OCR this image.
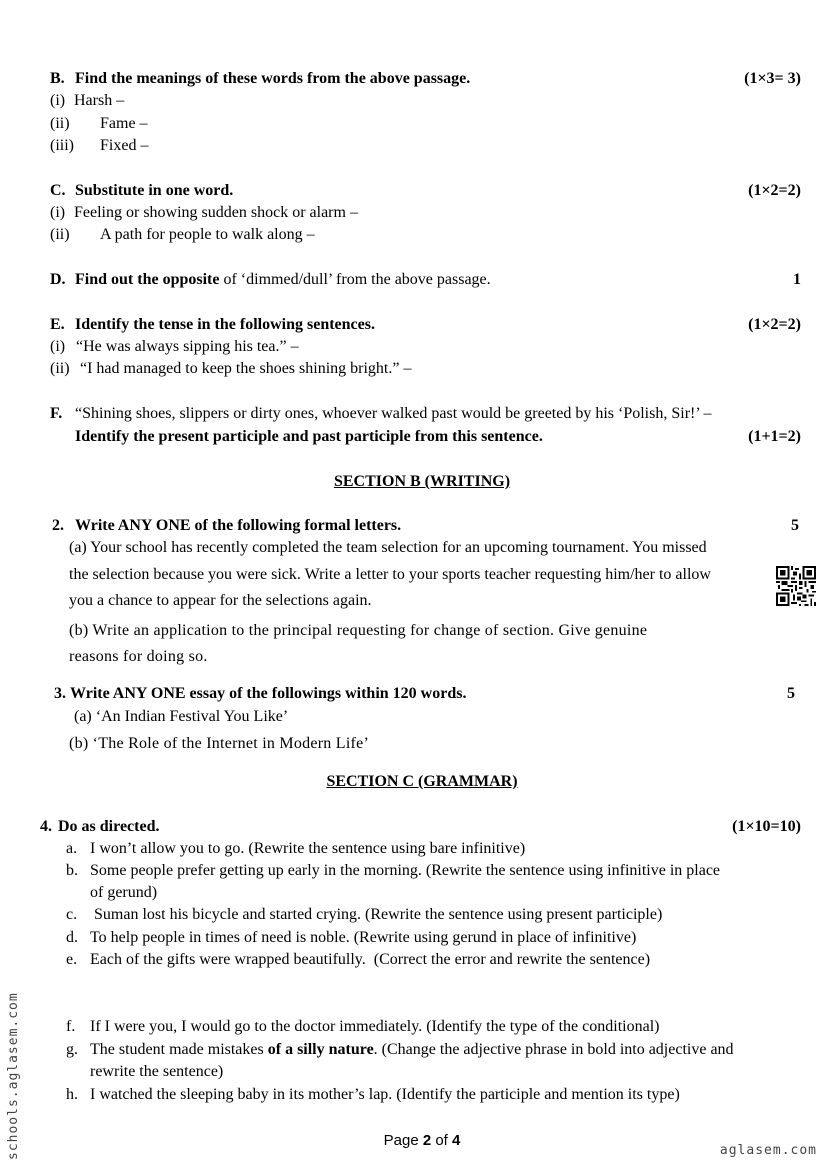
B. Find the meanings of these words from the above passage.	(1×3= 3)
(i) Harsh –
(ii) Fame –
(iii) Fixed –
C. Substitute in one word.	(1×2=2)
(i) Feeling or showing sudden shock or alarm –
(ii) A path for people to walk along –
D. Find out the opposite of ‘dimmed/dull’ from the above passage.	1
E. Identify the tense in the following sentences.	(1×2=2)
(i) “He was always sipping his tea.” –
(ii) “I had managed to keep the shoes shining bright.” –
F. “Shining shoes, slippers or dirty ones, whoever walked past would be greeted by his ‘Polish, Sir!’ –
Identify the present participle and past participle from this sentence.	(1+1=2)
SECTION B (WRITING)
2. Write ANY ONE of the following formal letters.	5
(a) Your school has recently completed the team selection for an upcoming tournament. You missed
the selection because you were sick. Write a letter to your sports teacher requesting him/her to allow
you a chance to appear for the selections again.
(b) Write an application to the principal requesting for change of section. Give genuine
reasons for doing so.
3. Write ANY ONE essay of the followings within 120 words.	5
(a) ‘An Indian Festival You Like’
(b) ‘The Role of the Internet in Modern Life’
SECTION C (GRAMMAR)
4. Do as directed.	(1×10=10)
a. I won’t allow you to go. (Rewrite the sentence using bare infinitive)
b. Some people prefer getting up early in the morning. (Rewrite the sentence using infinitive in place
of gerund)
c. Suman lost his bicycle and started crying. (Rewrite the sentence using present participle)
d. To help people in times of need is noble. (Rewrite using gerund in place of infinitive)
e. Each of the gifts were wrapped beautifully.  (Correct the error and rewrite the sentence)
f. If I were you, I would go to the doctor immediately. (Identify the type of the conditional)
g. The student made mistakes of a silly nature. (Change the adjective phrase in bold into adjective and
rewrite the sentence)
h. I watched the sleeping baby in its mother’s lap. (Identify the participle and mention its type)
Page 2 of 4
aglasem.com
schools.aglasem.com
